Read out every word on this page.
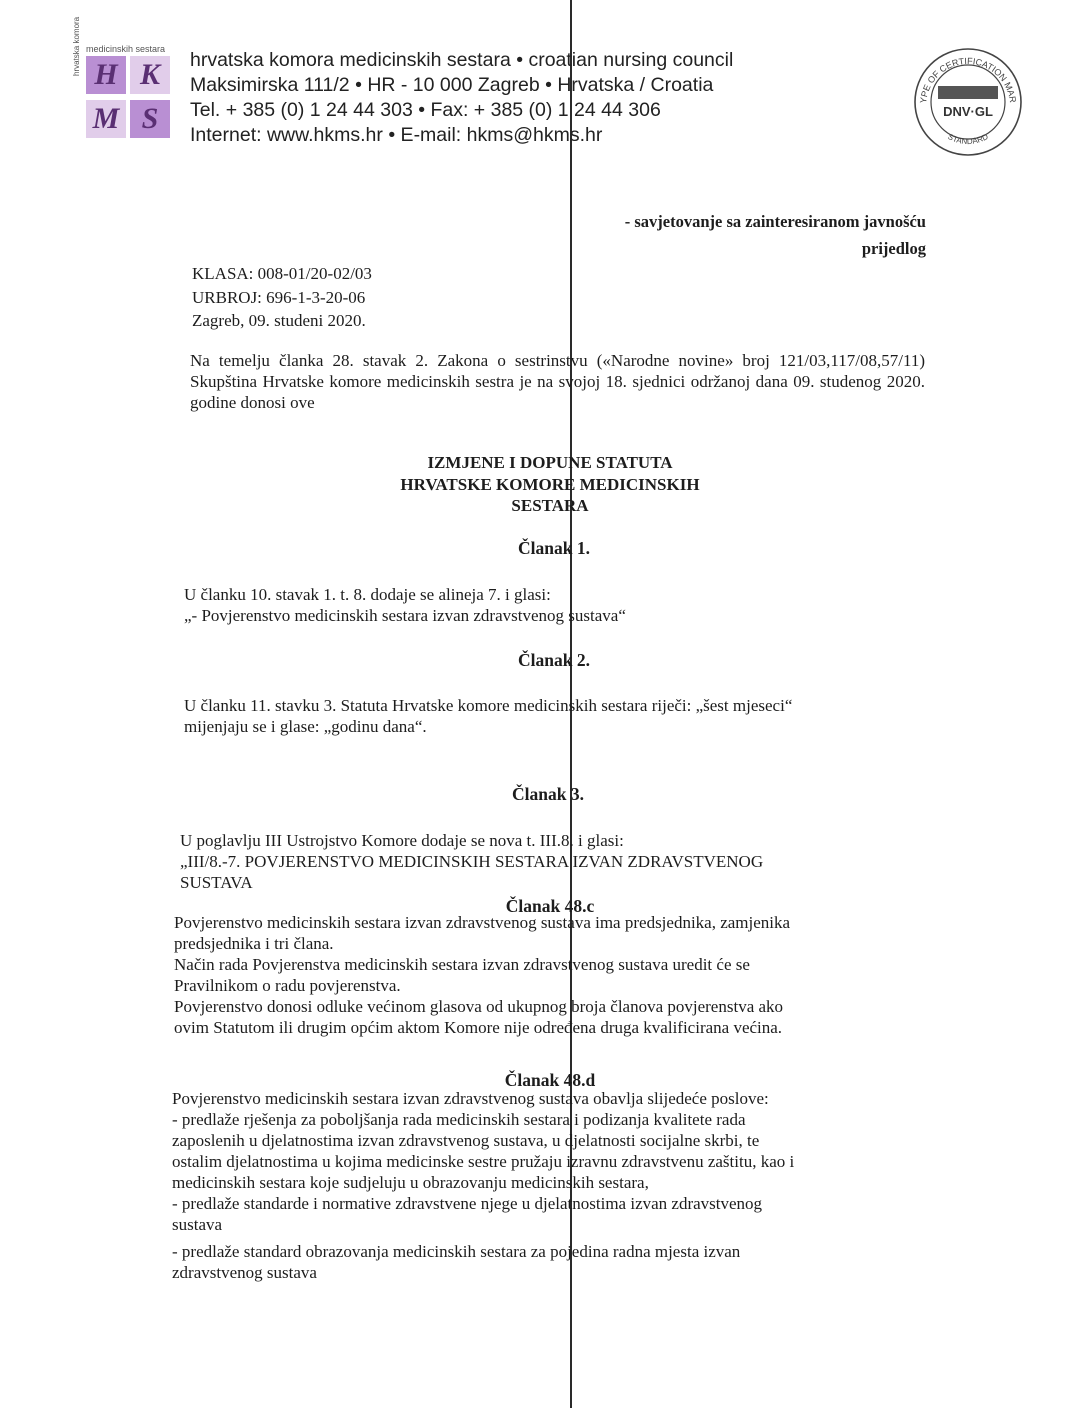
medicinskih sestara
hrvatska komora H K
M S
hrvatska komora medicinskih sestara • croatian nursing council
Maksimirska 111/2 • HR - 10 000 Zagreb • Hrvatska / Croatia
Tel. + 385 (0) 1 24 44 303 • Fax: + 385 (0) 1 24 44 306
Internet: www.hkms.hr • E-mail: hkms@hkms.hr
YPE OF CERTIFICATION MAR
DNV·GL
STANDARD
- savjetovanje sa zainteresiranom javnošću
prijedlog
KLASA: 008-01/20-02/03
URBROJ: 696-1-3-20-06
Zagreb, 09. studeni 2020.
Na temelju članka 28. stavak 2. Zakona o sestrinstvu («Narodne novine» broj 121/03,117/08,57/11) Skupština Hrvatske komore medicinskih sestra je na svojoj 18. sjednici održanoj dana 09. studenog 2020. godine donosi ove
IZMJENE I DOPUNE STATUTA
HRVATSKE KOMORE MEDICINSKIH
SESTARA
Članak 1.
U članku 10. stavak 1. t. 8. dodaje se alineja 7. i glasi:
„- Povjerenstvo medicinskih sestara izvan zdravstvenog sustava“
Članak 2.
U članku 11. stavku 3. Statuta Hrvatske komore medicinskih sestara riječi: „šest mjeseci“
mijenjaju se i glase: „godinu dana“.
Članak 3.
U poglavlju III Ustrojstvo Komore dodaje se nova t. III.8. i glasi:
„III/8.-7. POVJERENSTVO MEDICINSKIH SESTARA IZVAN ZDRAVSTVENOG
SUSTAVA
Članak 48.c
Povjerenstvo medicinskih sestara izvan zdravstvenog sustava ima predsjednika, zamjenika
predsjednika i tri člana.
Način rada Povjerenstva medicinskih sestara izvan zdravstvenog sustava uredit će se
Pravilnikom o radu povjerenstva.
Povjerenstvo donosi odluke većinom glasova od ukupnog broja članova povjerenstva ako
ovim Statutom ili drugim općim aktom Komore nije određena druga kvalificirana većina.
Članak 48.d
Povjerenstvo medicinskih sestara izvan zdravstvenog sustava obavlja slijedeće poslove:
- predlaže rješenja za poboljšanja rada medicinskih sestara i podizanja kvalitete rada
zaposlenih u djelatnostima izvan zdravstvenog sustava, u djelatnosti socijalne skrbi, te
ostalim djelatnostima u kojima medicinske sestre pružaju izravnu zdravstvenu zaštitu, kao i
medicinskih sestara koje sudjeluju u obrazovanju medicinskih sestara,
- predlaže standarde i normative zdravstvene njege u djelatnostima izvan zdravstvenog
sustava
- predlaže standard obrazovanja medicinskih sestara za pojedina radna mjesta izvan
zdravstvenog sustava
